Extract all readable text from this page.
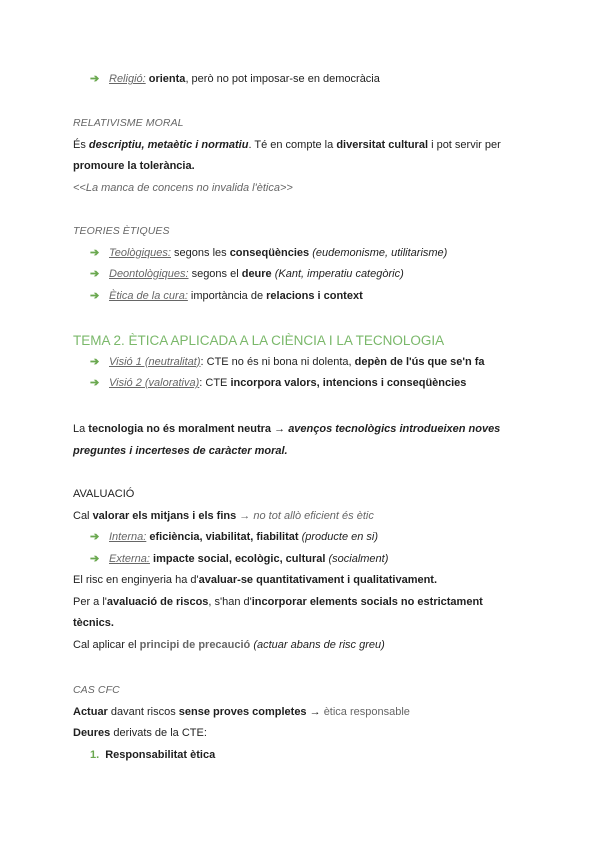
➔ Religió: orienta, però no pot imposar-se en democràcia
RELATIVISME MORAL
És descriptiu, metaètic i normatiu. Té en compte la diversitat cultural i pot servir per
promoure la tolerància.
<<La manca de concens no invalida l'ètica>>
TEORIES ÈTIQUES
➔ Teològiques: segons les conseqüències (eudemonisme, utilitarisme)
➔ Deontològiques: segons el deure (Kant, imperatiu categòric)
➔ Ètica de la cura: importància de relacions i context
TEMA 2. ÈTICA APLICADA A LA CIÈNCIA I LA TECNOLOGIA
➔ Visió 1 (neutralitat): CTE no és ni bona ni dolenta, depèn de l'ús que se'n fa
➔ Visió 2 (valorativa): CTE incorpora valors, intencions i conseqüències
La tecnologia no és moralment neutra → avenços tecnològics introdueixen noves
preguntes i incerteses de caràcter moral.
AVALUACIÓ
Cal valorar els mitjans i els fins → no tot allò eficient és ètic
➔ Interna: eficiència, viabilitat, fiabilitat (producte en si)
➔ Externa: impacte social, ecològic, cultural (socialment)
El risc en enginyeria ha d'avaluar-se quantitativament i qualitativament.
Per a l'avaluació de riscos, s'han d'incorporar elements socials no estrictament
tècnics.
Cal aplicar el principi de precaució (actuar abans de risc greu)
CAS CFC
Actuar davant riscos sense proves completes → ètica responsable
Deures derivats de la CTE:
1. Responsabilitat ètica
